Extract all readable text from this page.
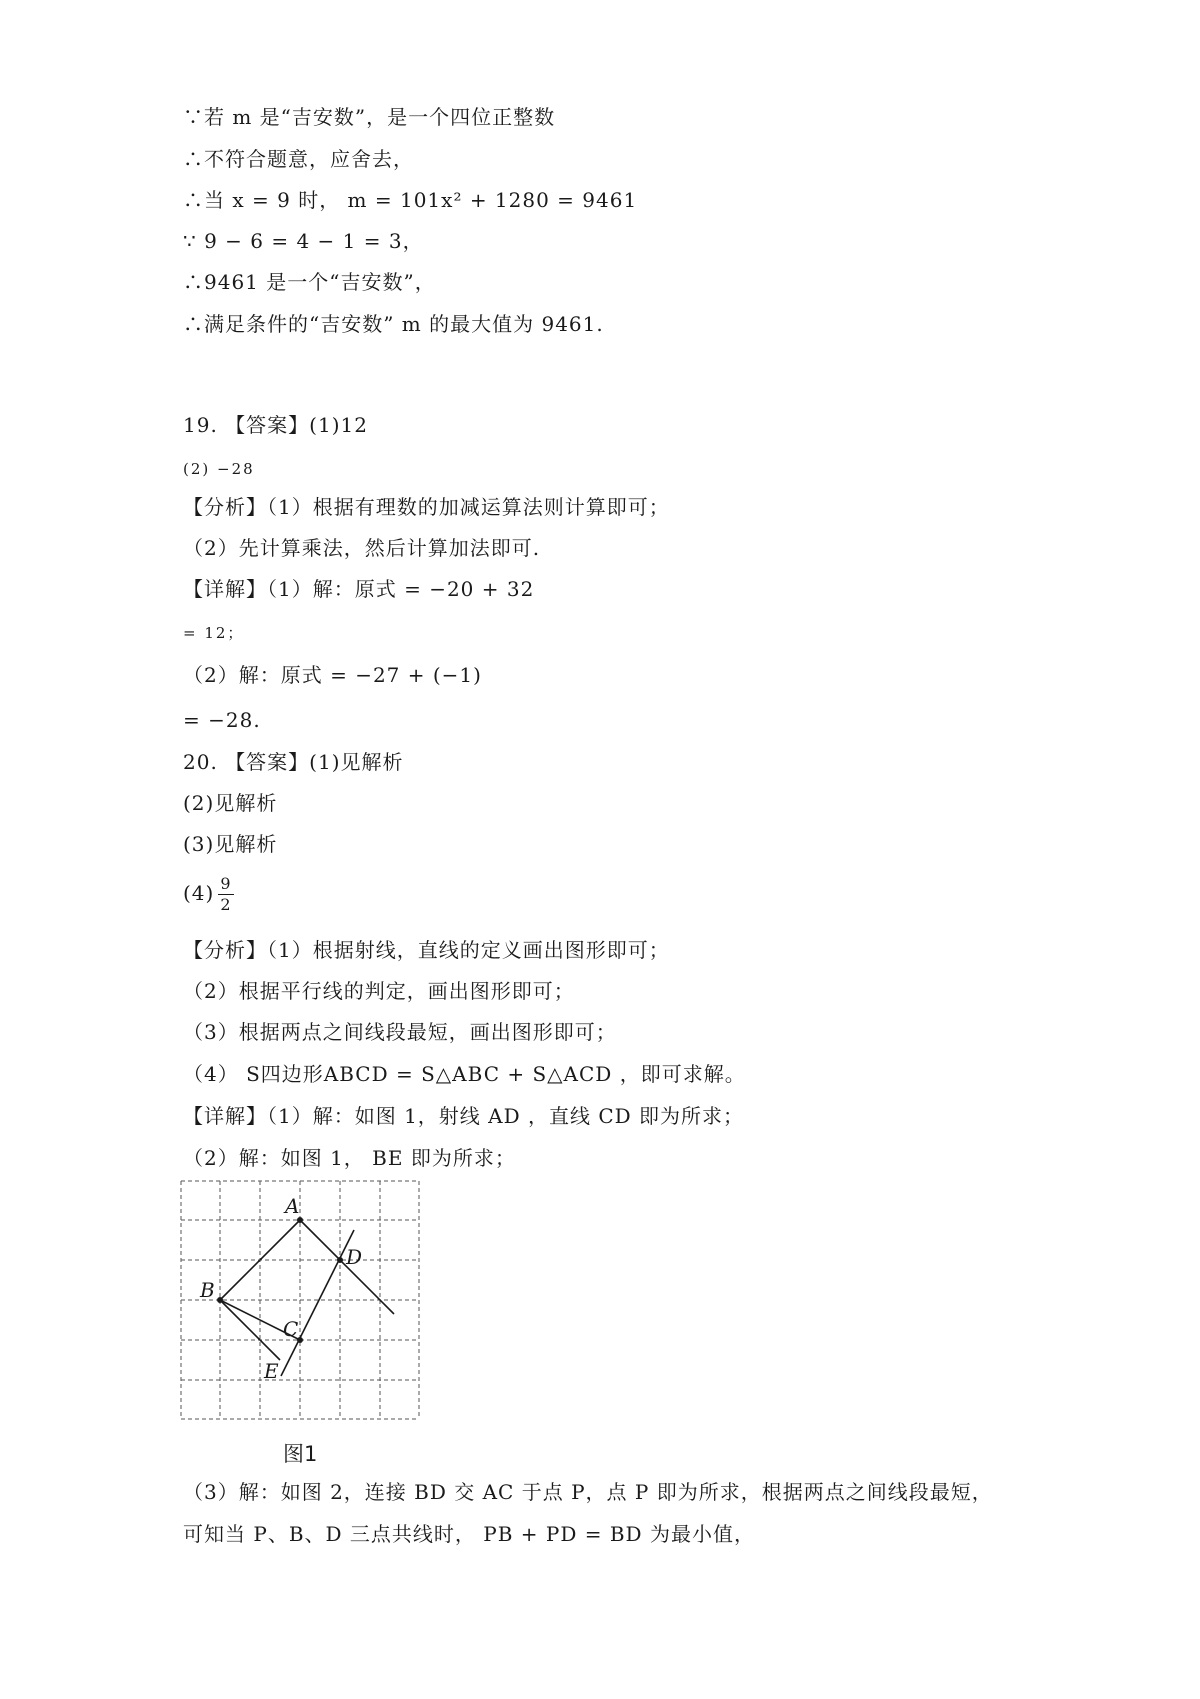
∵若 m 是“吉安数”，是一个四位正整数
∴不符合题意，应舍去，
∴当 x = 9 时， m = 101x² + 1280 = 9461
∵ 9 − 6 = 4 − 1 = 3，
∴9461 是一个“吉安数”，
∴满足条件的“吉安数” m 的最大值为 9461.
19. 【答案】(1)12
(2) −28
【分析】（1）根据有理数的加减运算法则计算即可；
（2）先计算乘法，然后计算加法即可.
【详解】（1）解：原式 = −20 + 32
= 12；
（2）解：原式 = −27 + (−1)
= −28.
20. 【答案】(1)见解析
(2)见解析
(3)见解析
$(4) \frac{9}{2}$
【分析】（1）根据射线，直线的定义画出图形即可；
（2）根据平行线的判定，画出图形即可；
（3）根据两点之间线段最短，画出图形即可；
（4） S四边形ABCD = S△ABC + S△ACD ，即可求解。
【详解】（1）解：如图 1，射线 AD ，直线 CD 即为所求；
（2）解：如图 1， BE 即为所求；
A
B
C
D
E
图1
（3）解：如图 2，连接 BD 交 AC 于点 P，点 P 即为所求，根据两点之间线段最短，
可知当 P、B、D 三点共线时， PB + PD = BD 为最小值，
